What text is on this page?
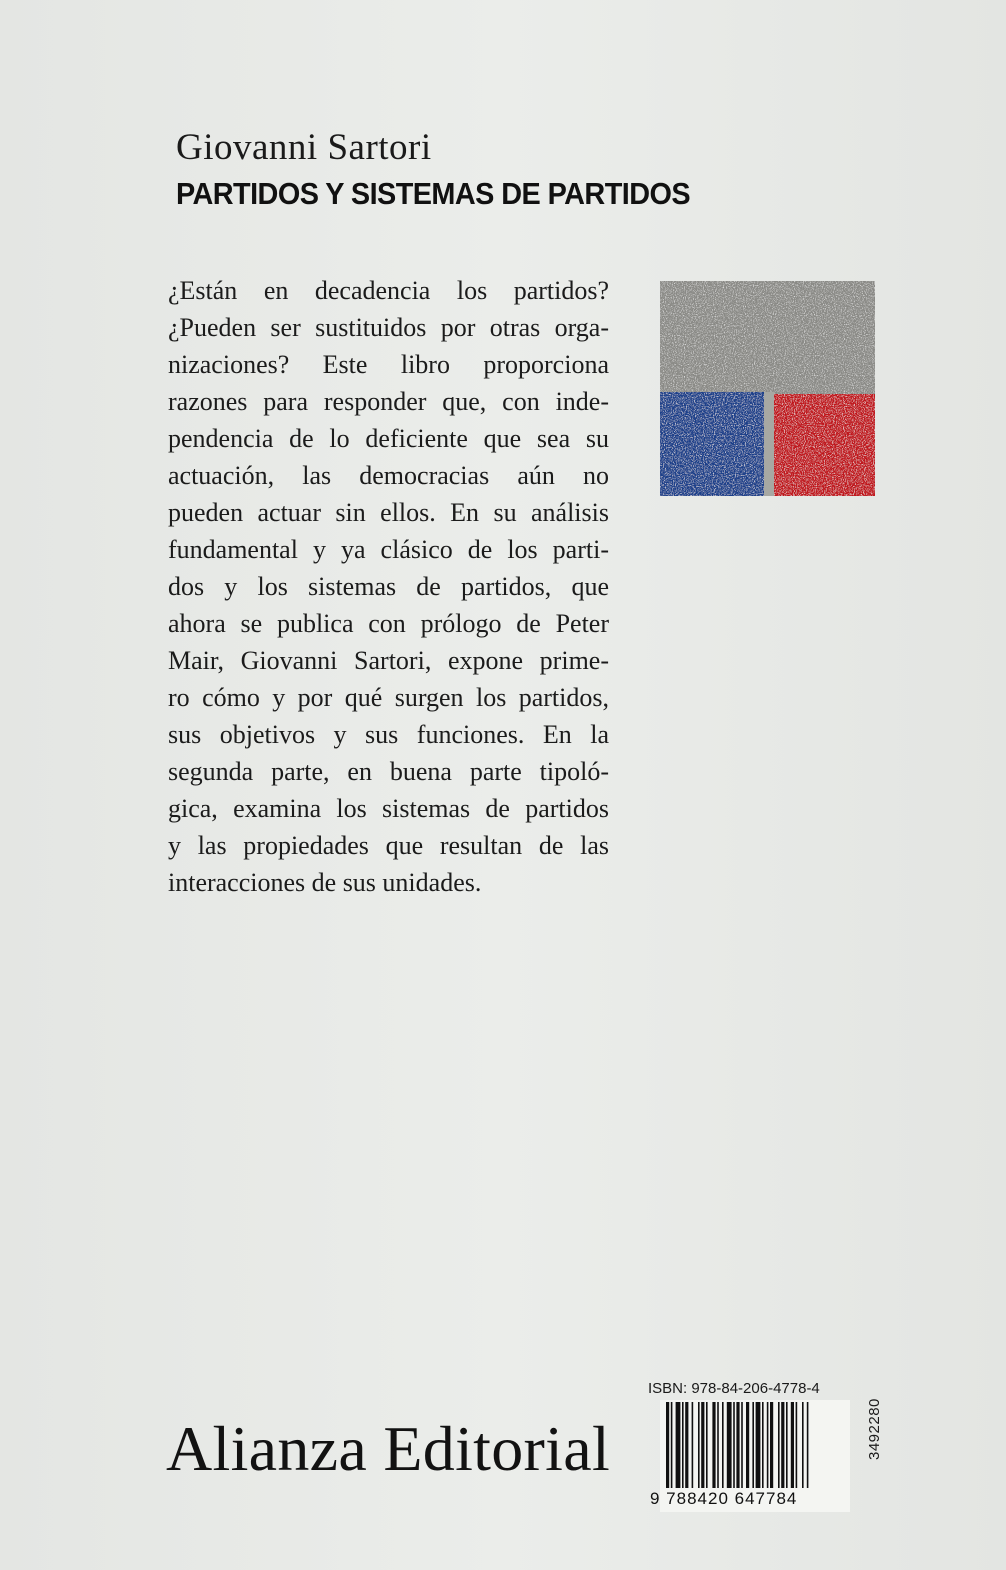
Giovanni Sartori
PARTIDOS Y SISTEMAS DE PARTIDOS
¿Están en decadencia los partidos?
¿Pueden ser sustituidos por otras orga-
nizaciones? Este libro proporciona
razones para responder que, con inde-
pendencia de lo deficiente que sea su
actuación, las democracias aún no
pueden actuar sin ellos. En su análisis
fundamental y ya clásico de los parti-
dos y los sistemas de partidos, que
ahora se publica con prólogo de Peter
Mair, Giovanni Sartori, expone prime-
ro cómo y por qué surgen los partidos,
sus objetivos y sus funciones. En la
segunda parte, en buena parte tipoló-
gica, examina los sistemas de partidos
y las propiedades que resultan de las
interacciones de sus unidades.
Alianza Editorial
ISBN: 978-84-206-4778-4
9 788420 647784
3492280
